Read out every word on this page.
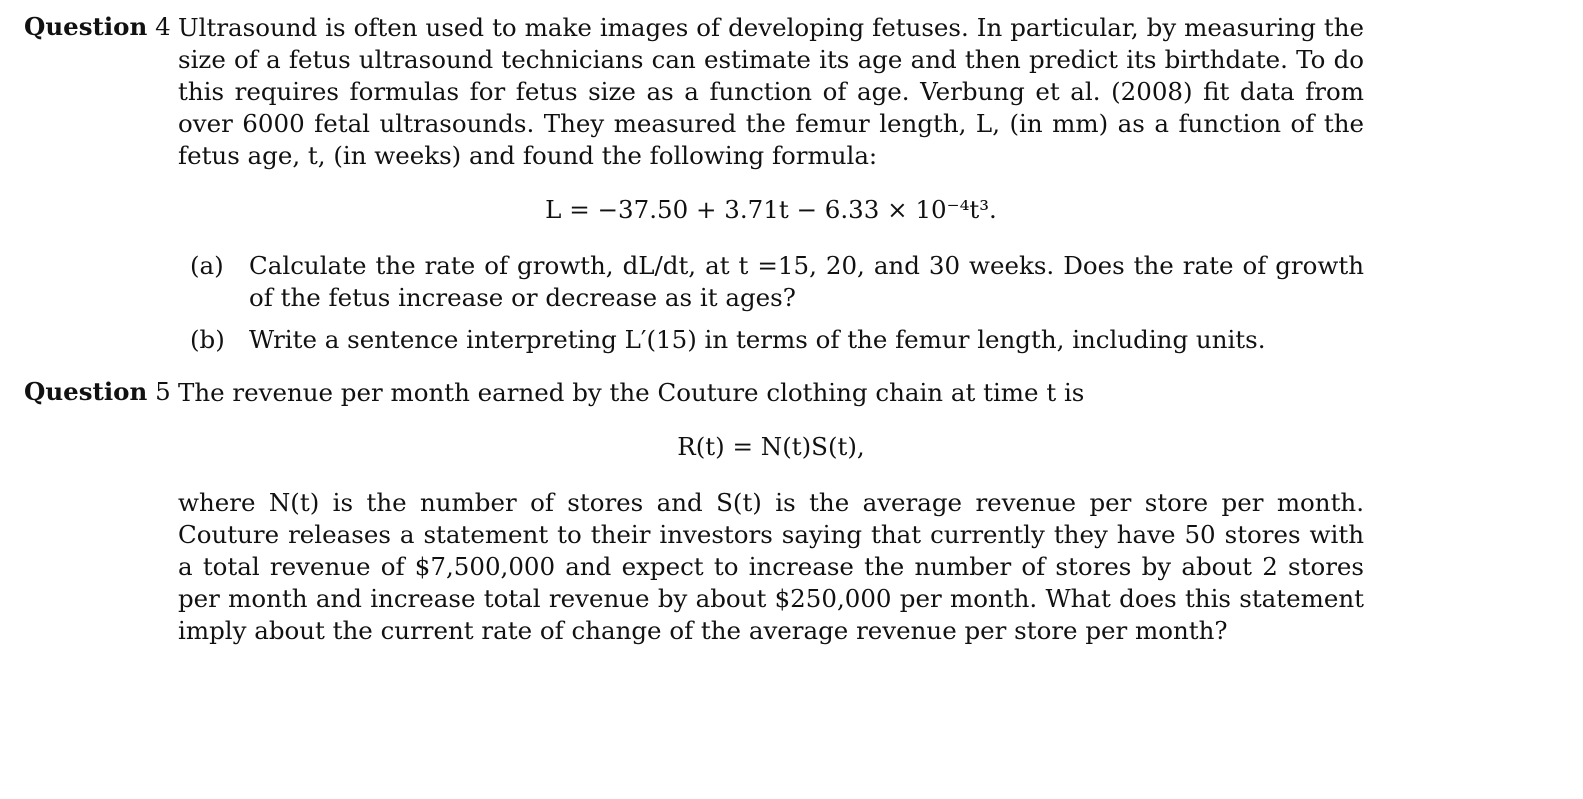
Question 4 Ultrasound is often used to make images of developing fetuses. In particular, by measuring the size of a fetus ultrasound technicians can estimate its age and then predict its birthdate. To do this requires formulas for fetus size as a function of age. Verbung et al. (2008) fit data from over 6000 fetal ultrasounds. They measured the femur length, L, (in mm) as a function of the fetus age, t, (in weeks) and found the following formula:

L = −37.50 + 3.71t − 6.33 × 10⁻⁴t³.
(a) Calculate the rate of growth, dL/dt, at t =15, 20, and 30 weeks. Does the rate of growth of the fetus increase or decrease as it ages?

(b) Write a sentence interpreting L′(15) in terms of the femur length, including units.

Question 5 The revenue per month earned by the Couture clothing chain at time t is

R(t) = N(t)S(t),

where N(t) is the number of stores and S(t) is the average revenue per store per month. Couture releases a statement to their investors saying that currently they have 50 stores with a total revenue of $7,500,000 and expect to increase the number of stores by about 2 stores per month and increase total revenue by about $250,000 per month. What does this statement imply about the current rate of change of the average revenue per store per month?
